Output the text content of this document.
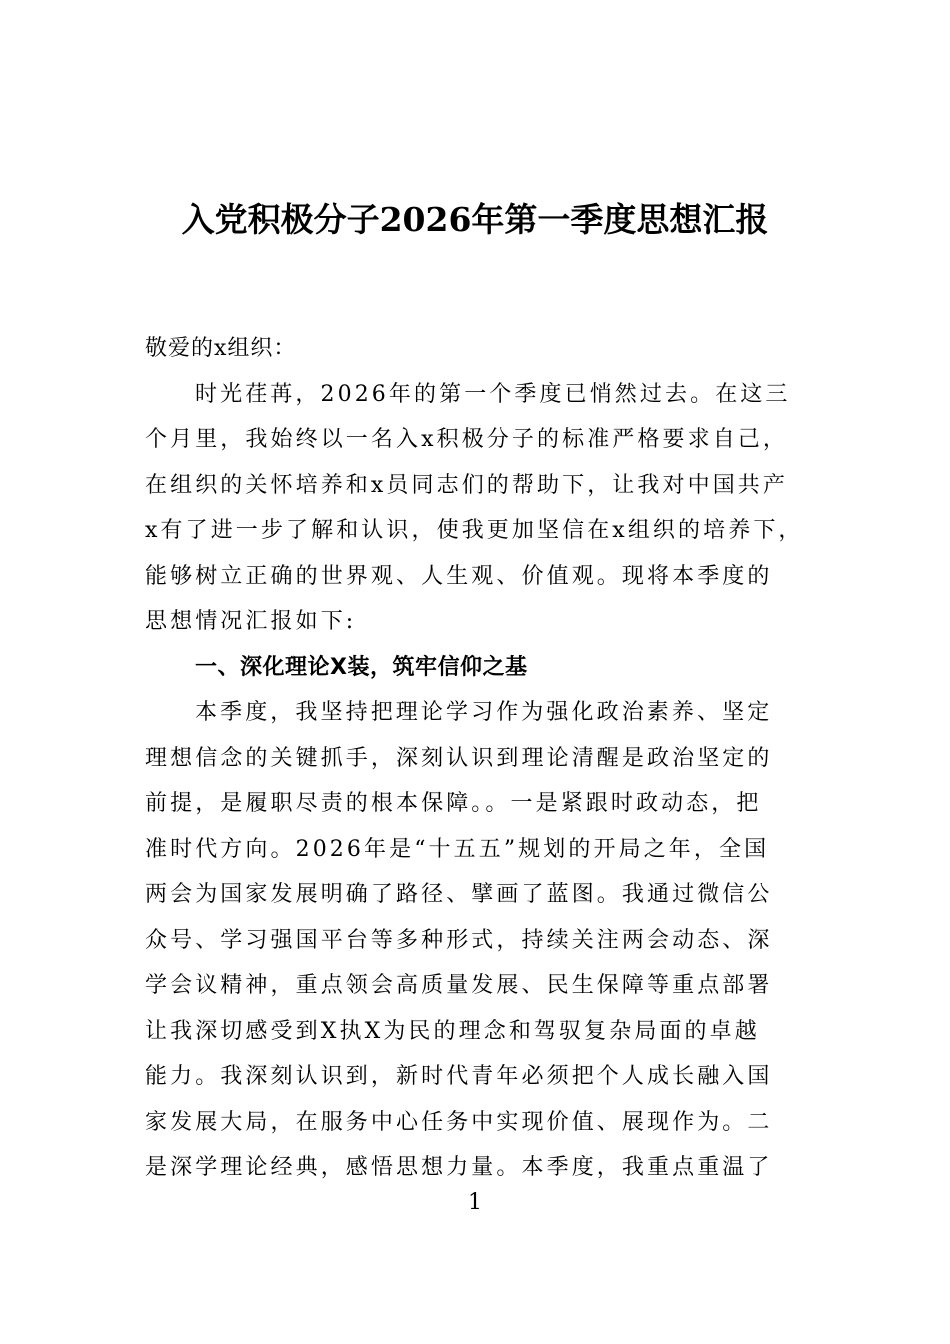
入党积极分子2026年第一季度思想汇报
敬爱的x组织：
时光荏苒，2026年的第一个季度已悄然过去。在这三
个月里，我始终以一名入x积极分子的标准严格要求自己，
在组织的关怀培养和x员同志们的帮助下，让我对中国共产
x有了进一步了解和认识，使我更加坚信在x组织的培养下，
能够树立正确的世界观、人生观、价值观。现将本季度的
思想情况汇报如下:
一、深化理论X装，筑牢信仰之基
本季度，我坚持把理论学习作为强化政治素养、坚定
理想信念的关键抓手，深刻认识到理论清醒是政治坚定的
前提，是履职尽责的根本保障。。一是紧跟时政动态，把
准时代方向。2026年是“十五五”规划的开局之年，全国
两会为国家发展明确了路径、擘画了蓝图。我通过微信公
众号、学习强国平台等多种形式，持续关注两会动态、深
学会议精神，重点领会高质量发展、民生保障等重点部署
让我深切感受到X执X为民的理念和驾驭复杂局面的卓越
能力。我深刻认识到，新时代青年必须把个人成长融入国
家发展大局，在服务中心任务中实现价值、展现作为。二
是深学理论经典，感悟思想力量。本季度，我重点重温了
1
